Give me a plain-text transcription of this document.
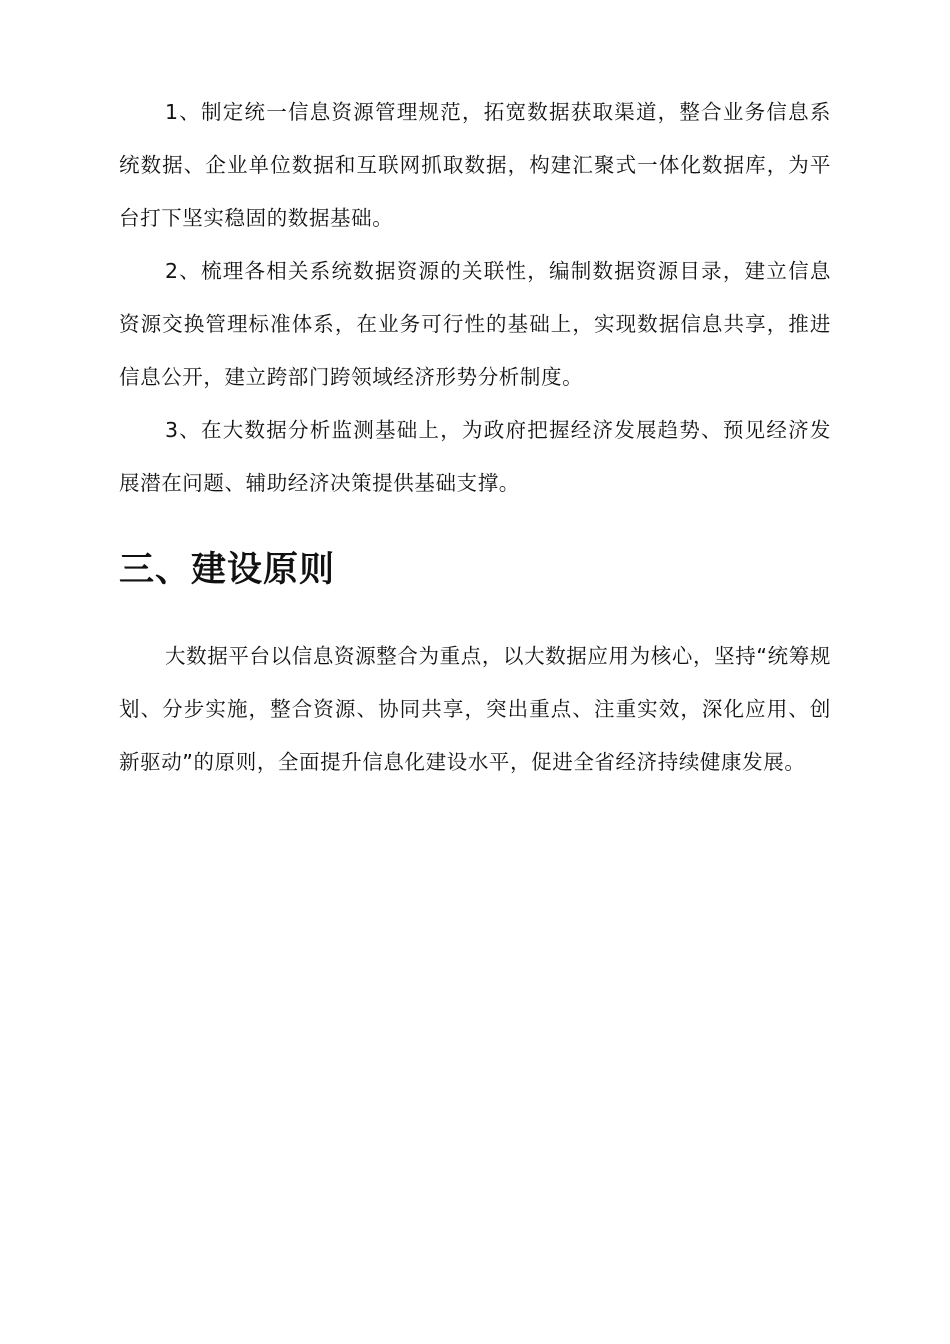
1、制定统一信息资源管理规范，拓宽数据获取渠道，整合业务信息系统数据、企业单位数据和互联网抓取数据，构建汇聚式一体化数据库，为平台打下坚实稳固的数据基础。

2、梳理各相关系统数据资源的关联性，编制数据资源目录，建立信息资源交换管理标准体系，在业务可行性的基础上，实现数据信息共享，推进信息公开，建立跨部门跨领域经济形势分析制度。

3、在大数据分析监测基础上，为政府把握经济发展趋势、预见经济发展潜在问题、辅助经济决策提供基础支撑。

三、建设原则

大数据平台以信息资源整合为重点，以大数据应用为核心，坚持“统筹规划、分步实施，整合资源、协同共享，突出重点、注重实效，深化应用、创新驱动”的原则，全面提升信息化建设水平，促进全省经济持续健康发展。
